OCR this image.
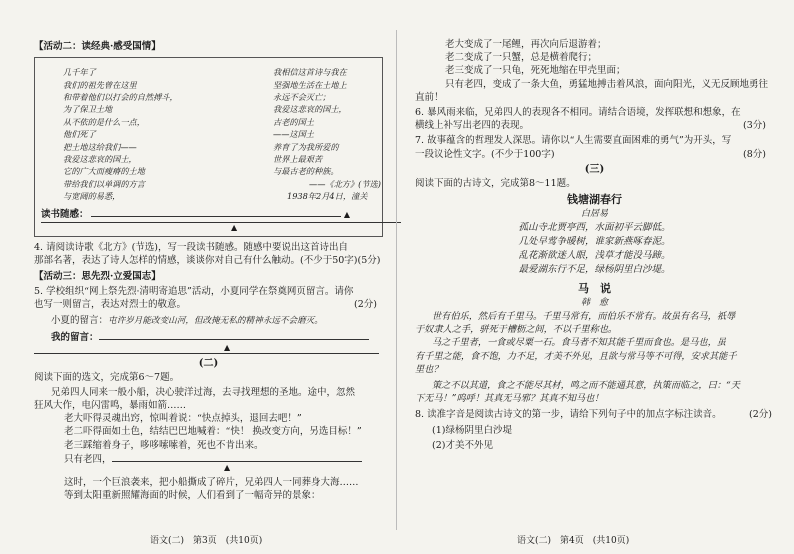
【活动二：读经典·感受国情】
几千年了
我们的祖先曾在这里
和带着他们以打会的自然搏斗，
为了保卫土地
从不依的是什么一点，
他们死了
把土地这给我们——
我爱这悲哀的国土，
它的广大而瘦瘠的土地
带给我们以单调的方言
与宽阔的易悉，
我相信这首诗与我在
坚强地生活在土地上
永远不会灭亡；
我爱这悲哀的国土，
古老的国土
——这国土
养育了为我所爱的
世界上最艰苦
与最古老的种族。
——《北方》(节选)
1938年2月4日，潼关
读书随感：	▲
▲
4. 请阅读诗歌《北方》(节选)，写一段读书随感。随感中要说出这首诗出自
那部名著，表达了诗人怎样的情感，谈谈你对自己有什么触动。(不少于50字)(5分)
【活动三：思先烈·立爱国志】
5. 学校组织“网上祭先烈·清明寄追思”活动，小夏同学在祭奠网页留言。请你
也写一则留言，表达对烈士的敬意。	(2分)
小夏的留言：屯许岁月能改变山河，但改掩无私的精神永远不会磨灭。
我的留言：
▲
(二)
阅读下面的选文，完成第6～7题。
兄弟四人同来一般小船，决心驶洋过海，去寻找理想的圣地。途中，忽然
狂风大作，电闪雷鸣，暴雨如箭……
老大吓得灵魂出窍，惊叫着说：“快点掉头，退回去吧！”
老二吓得面如土色，结结巴巴地喊着：“快！ 换改变方向，另选目标！”
老三踩缩着身子，哆哆嗦嗦着，死也不肯出来。
只有老四，
▲
这时，一个巨浪袭来，把小船撕成了碎片，兄弟四人一同葬身大海……
等到太阳重新照耀海面的时候，人们看到了一幅奇异的景象：
语文(二)　第3页　(共10页)
老大变成了一尾鲤，再次向后退游着；
老二变成了一只蟹，总是横着爬行；
老三变成了一只龟，死死地缩在甲壳里面；
只有老四，变成了一条大鱼，勇猛地搏击着风浪，面向阳光，义无反顾地勇往
直前！
6. 暴风雨来临，兄弟四人的表现各不相同。请结合语境，发挥联想和想象，在
横线上补写出老四的表现。	(3分)
7. 故事蕴含的哲理发人深思。请你以“人生需要直面困难的勇气”为开头，写
一段议论性文字。(不少于100字)	(8分)
(三)
阅读下面的古诗文，完成第8～11题。
钱塘湖春行
白居易
孤山寺北贾亭西，水面初平云脚低。
几处早莺争暖树，谁家新燕啄春泥。
乱花渐欲迷人眼，浅草才能没马蹄。
最爱湖东行不足，绿杨阴里白沙堤。
马　说
韩　愈
世有伯乐，然后有千里马。千里马常有，而伯乐不常有。故虽有名马，祇辱
于奴隶人之手，骈死于槽枥之间，不以千里称也。
马之千里者，一食或尽粟一石。食马者不知其能千里而食也。是马也，虽
有千里之能，食不饱，力不足，才美不外见，且欲与常马等不可得，安求其能千
里也？
策之不以其道，食之不能尽其材，鸣之而不能通其意，执策而临之，曰：“天
下无马！”呜呼！其真无马邪？其真不知马也！
8. 读准字音是阅读古诗文的第一步，请给下列句子中的加点字标注读音。	(2分)
(1)绿杨阴里白沙堤
(2)才美不外见
语文(二)　第4页　(共10页)
